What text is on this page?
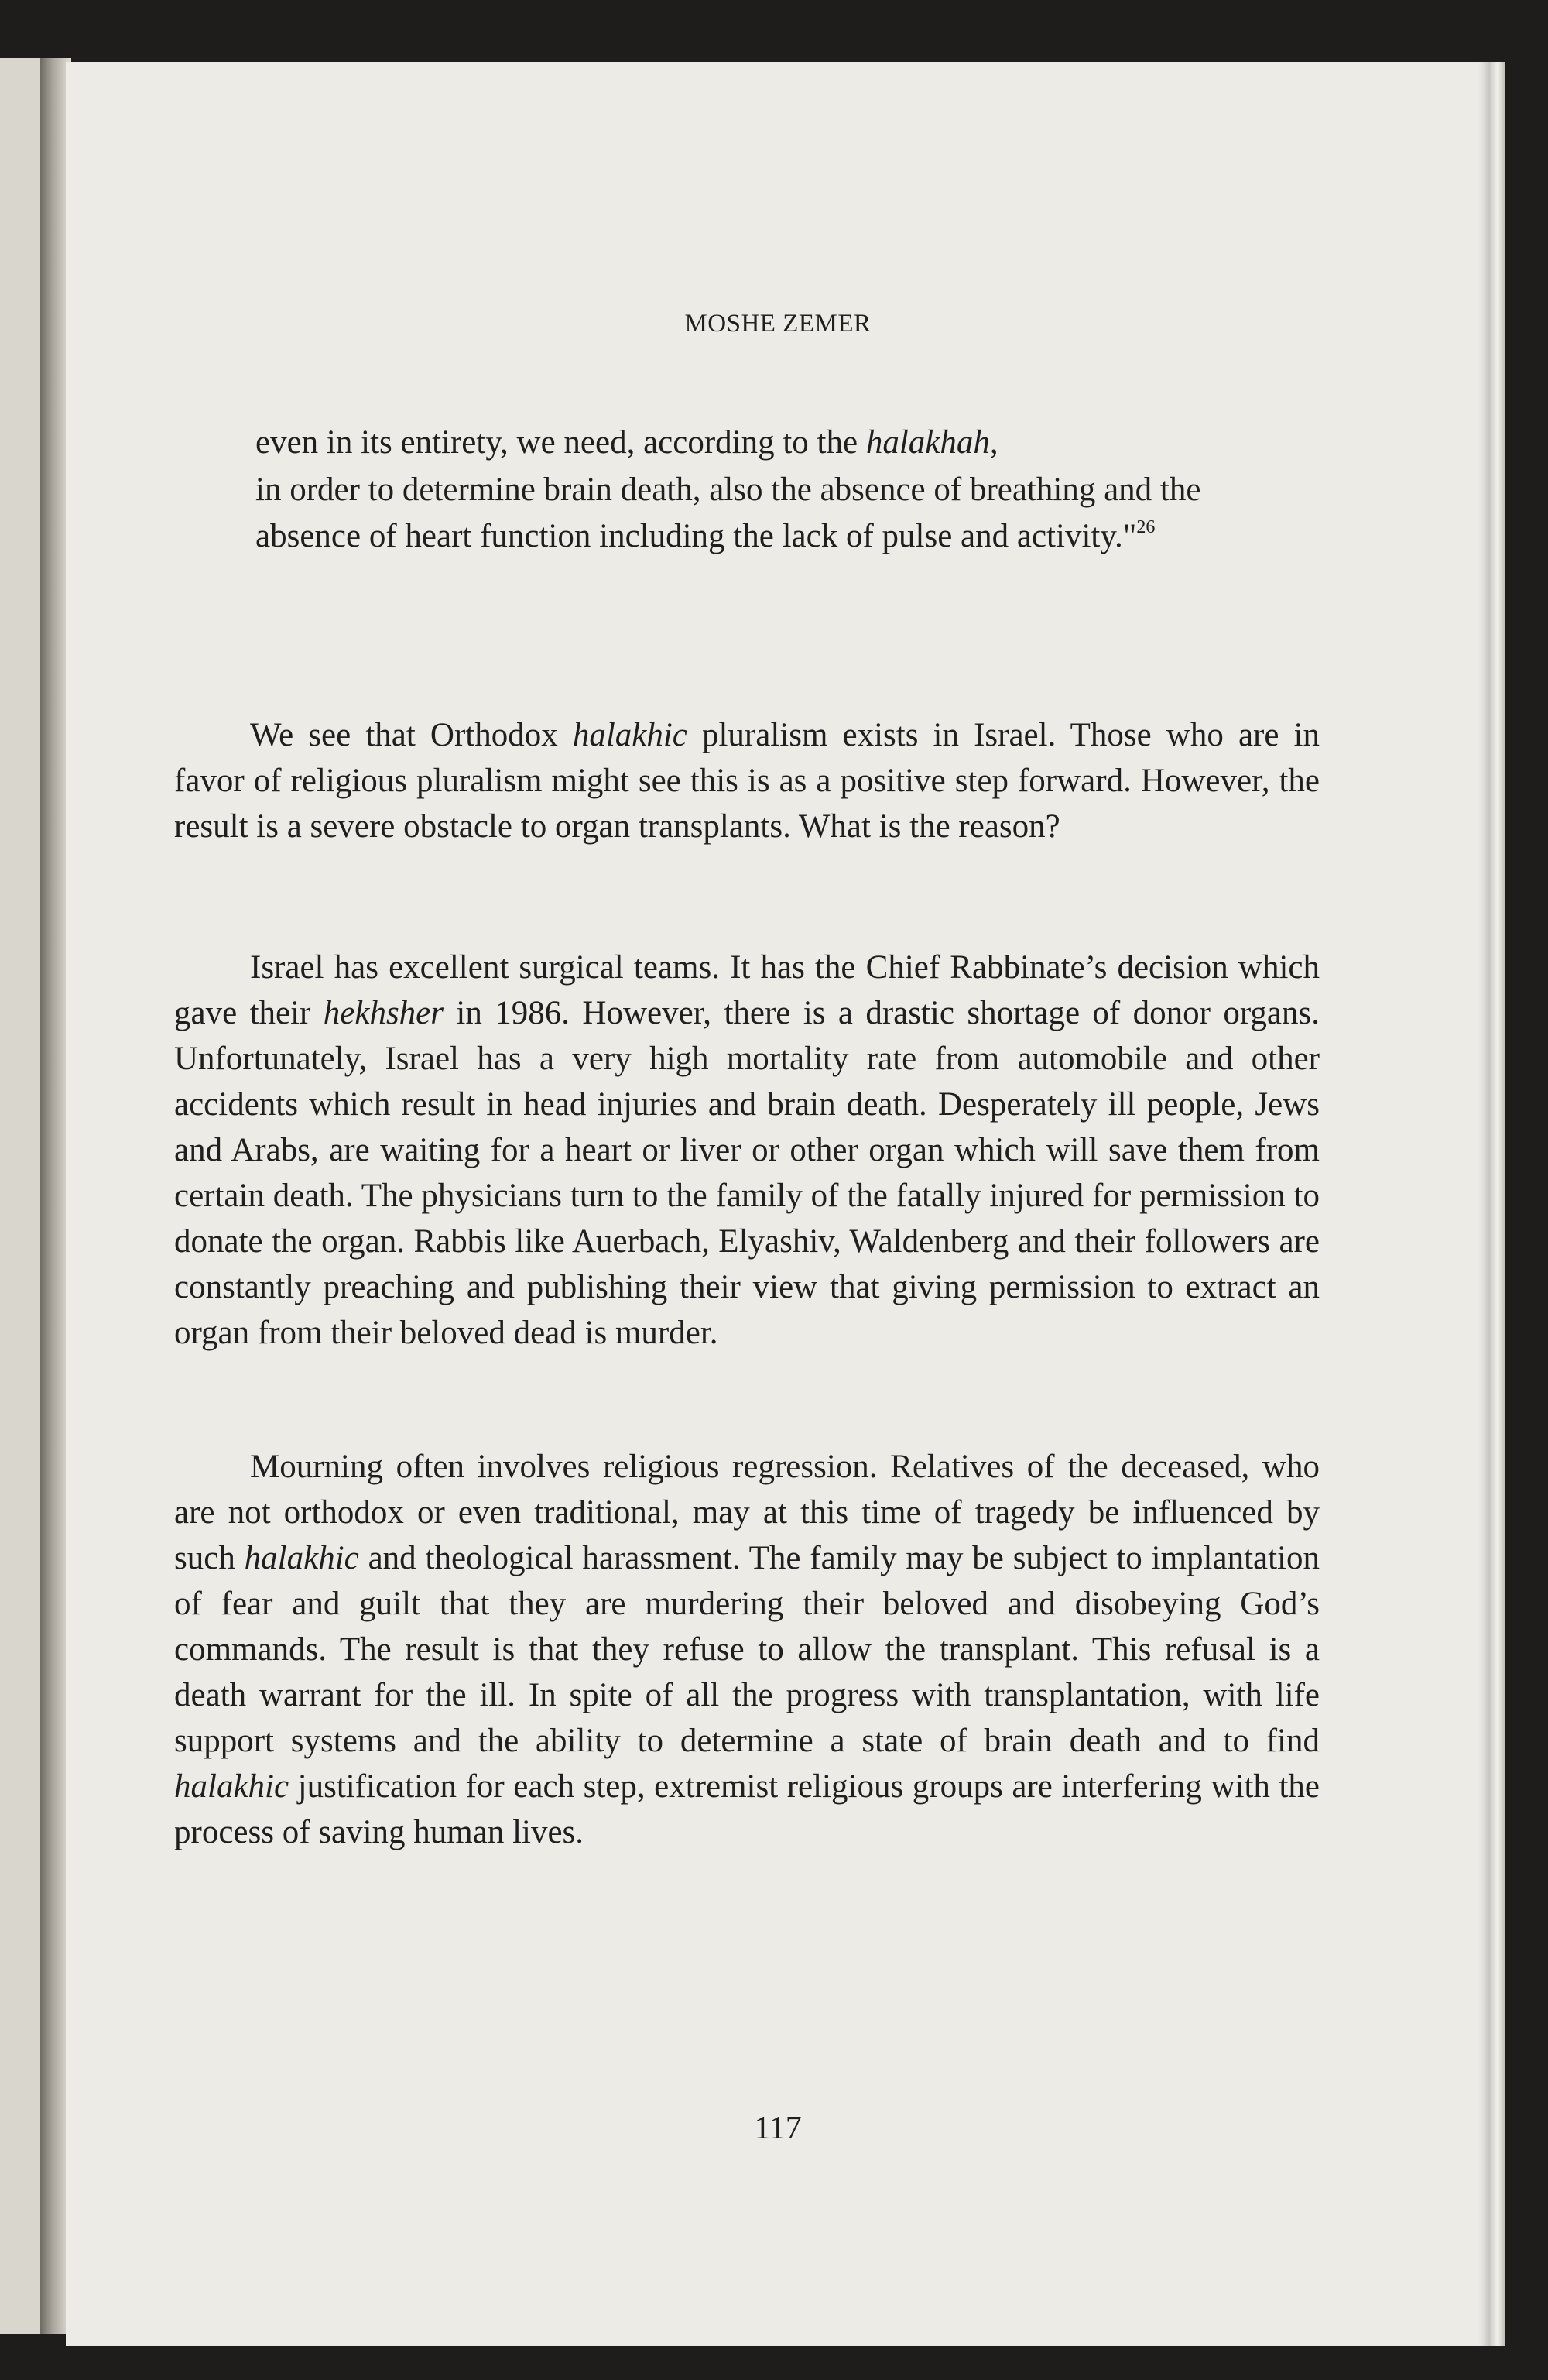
MOSHE ZEMER
even in its entirety, we need, according to the halakhah,
in order to determine brain death, also the absence of breathing and the absence of heart function including the lack of pulse and activity."$^{26}$

We see that Orthodox halakhic pluralism exists in Israel. Those who are in favor of religious pluralism might see this is as a positive step forward. However, the result is a severe obstacle to organ transplants. What is the reason?

Israel has excellent surgical teams. It has the Chief Rabbinate’s decision which gave their hekhsher in 1986. However, there is a drastic shortage of donor organs. Unfortunately, Israel has a very high mortality rate from automobile and other accidents which result in head injuries and brain death. Desperately ill people, Jews and Arabs, are waiting for a heart or liver or other organ which will save them from certain death. The physicians turn to the family of the fatally injured for permission to donate the organ. Rabbis like Auerbach, Elyashiv, Waldenberg and their followers are constantly preaching and publishing their view that giving permission to extract an organ from their beloved dead is murder.

Mourning often involves religious regression. Relatives of the deceased, who are not orthodox or even traditional, may at this time of tragedy be influenced by such halakhic and theological harassment. The family may be subject to implantation of fear and guilt that they are murdering their beloved and disobeying God’s commands. The result is that they refuse to allow the transplant. This refusal is a death warrant for the ill. In spite of all the progress with transplantation, with life support systems and the ability to determine a state of brain death and to find halakhic justification for each step, extremist religious groups are interfering with the process of saving human lives.

117
